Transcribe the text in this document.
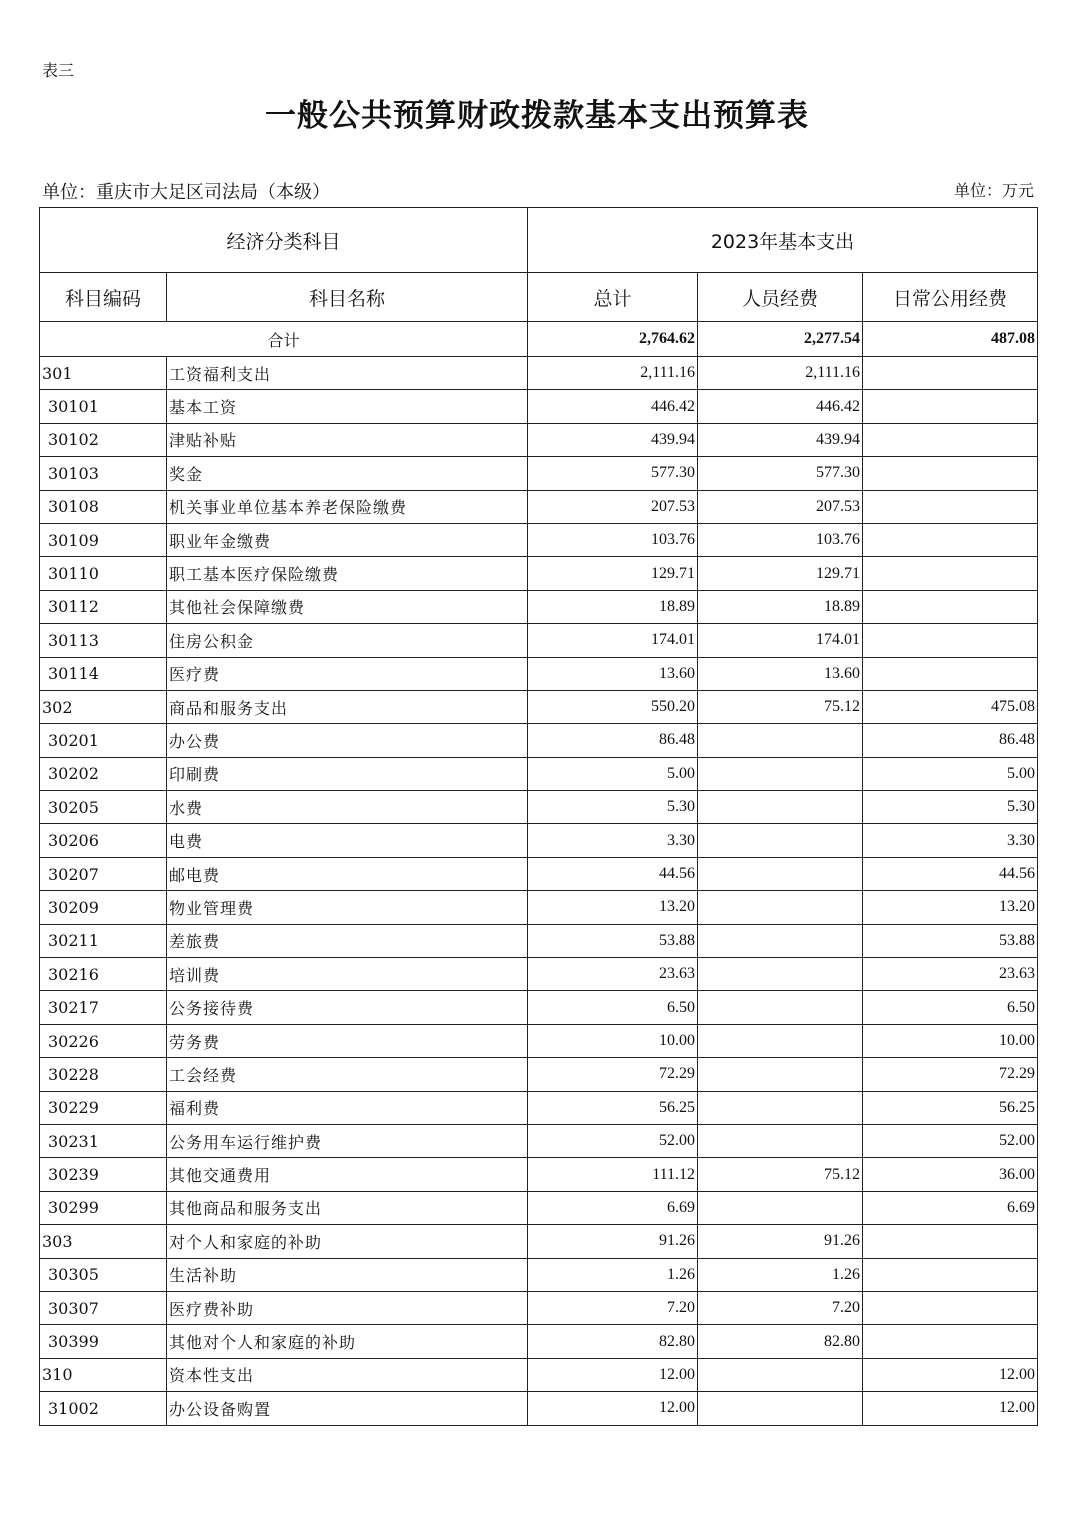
表三
一般公共预算财政拨款基本支出预算表
单位：重庆市大足区司法局（本级）	单位：万元
经济分类科目		2023年基本支出		
科目编码	科目名称	总计	人员经费	日常公用经费
合计		2,764.62	2,277.54	487.08
301	工资福利支出	2,111.16	2,111.16	
30101	基本工资	446.42	446.42	
30102	津贴补贴	439.94	439.94	
30103	奖金	577.30	577.30	
30108	机关事业单位基本养老保险缴费	207.53	207.53	
30109	职业年金缴费	103.76	103.76	
30110	职工基本医疗保险缴费	129.71	129.71	
30112	其他社会保障缴费	18.89	18.89	
30113	住房公积金	174.01	174.01	
30114	医疗费	13.60	13.60	
302	商品和服务支出	550.20	75.12	475.08
30201	办公费	86.48		86.48
30202	印刷费	5.00		5.00
30205	水费	5.30		5.30
30206	电费	3.30		3.30
30207	邮电费	44.56		44.56
30209	物业管理费	13.20		13.20
30211	差旅费	53.88		53.88
30216	培训费	23.63		23.63
30217	公务接待费	6.50		6.50
30226	劳务费	10.00		10.00
30228	工会经费	72.29		72.29
30229	福利费	56.25		56.25
30231	公务用车运行维护费	52.00		52.00
30239	其他交通费用	111.12	75.12	36.00
30299	其他商品和服务支出	6.69		6.69
303	对个人和家庭的补助	91.26	91.26	
30305	生活补助	1.26	1.26	
30307	医疗费补助	7.20	7.20	
30399	其他对个人和家庭的补助	82.80	82.80	
310	资本性支出	12.00		12.00
31002	办公设备购置	12.00		12.00
